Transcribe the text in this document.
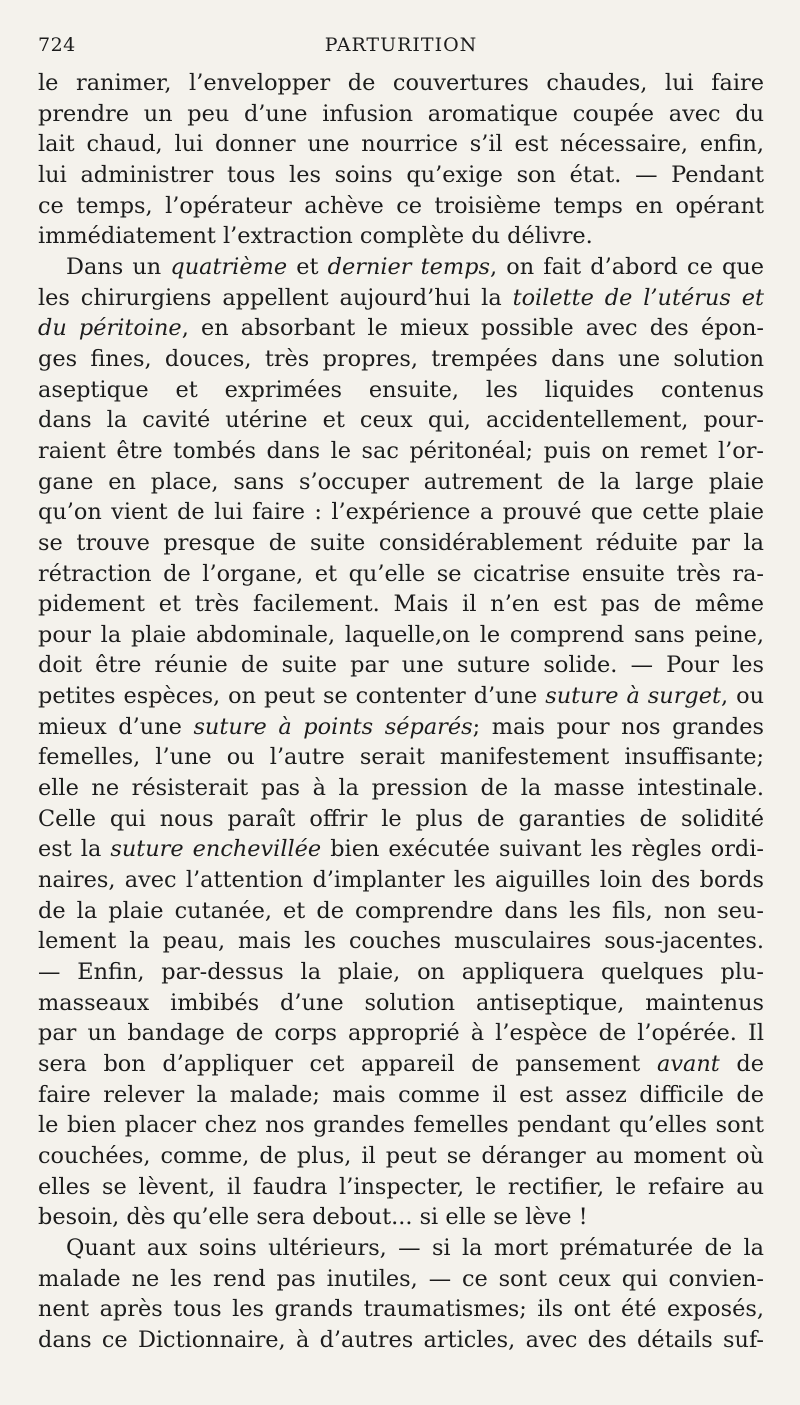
724	PARTURITION
le ranimer, l’envelopper de couvertures chaudes, lui faire
prendre un peu d’une infusion aromatique coupée avec du
lait chaud, lui donner une nourrice s’il est nécessaire, enfin,
lui administrer tous les soins qu’exige son état. — Pendant
ce temps, l’opérateur achève ce troisième temps en opérant
immédiatement l’extraction complète du délivre.
Dans un quatrième et dernier temps, on fait d’abord ce que
les chirurgiens appellent aujourd’hui la toilette de l’utérus et
du péritoine, en absorbant le mieux possible avec des épon-
ges fines, douces, très propres, trempées dans une solution
aseptique et exprimées ensuite, les liquides contenus
dans la cavité utérine et ceux qui, accidentellement, pour-
raient être tombés dans le sac péritonéal; puis on remet l’or-
gane en place, sans s’occuper autrement de la large plaie
qu’on vient de lui faire : l’expérience a prouvé que cette plaie
se trouve presque de suite considérablement réduite par la
rétraction de l’organe, et qu’elle se cicatrise ensuite très ra-
pidement et très facilement. Mais il n’en est pas de même
pour la plaie abdominale, laquelle,on le comprend sans peine,
doit être réunie de suite par une suture solide. — Pour les
petites espèces, on peut se contenter d’une suture à surget, ou
mieux d’une suture à points séparés; mais pour nos grandes
femelles, l’une ou l’autre serait manifestement insuffisante;
elle ne résisterait pas à la pression de la masse intestinale.
Celle qui nous paraît offrir le plus de garanties de solidité
est la suture enchevillée bien exécutée suivant les règles ordi-
naires, avec l’attention d’implanter les aiguilles loin des bords
de la plaie cutanée, et de comprendre dans les fils, non seu-
lement la peau, mais les couches musculaires sous-jacentes.
— Enfin, par-dessus la plaie, on appliquera quelques plu-
masseaux imbibés d’une solution antiseptique, maintenus
par un bandage de corps approprié à l’espèce de l’opérée. Il
sera bon d’appliquer cet appareil de pansement avant de
faire relever la malade; mais comme il est assez difficile de
le bien placer chez nos grandes femelles pendant qu’elles sont
couchées, comme, de plus, il peut se déranger au moment où
elles se lèvent, il faudra l’inspecter, le rectifier, le refaire au
besoin, dès qu’elle sera debout... si elle se lève !
Quant aux soins ultérieurs, — si la mort prématurée de la
malade ne les rend pas inutiles, — ce sont ceux qui convien-
nent après tous les grands traumatismes; ils ont été exposés,
dans ce Dictionnaire, à d’autres articles, avec des détails suf-
